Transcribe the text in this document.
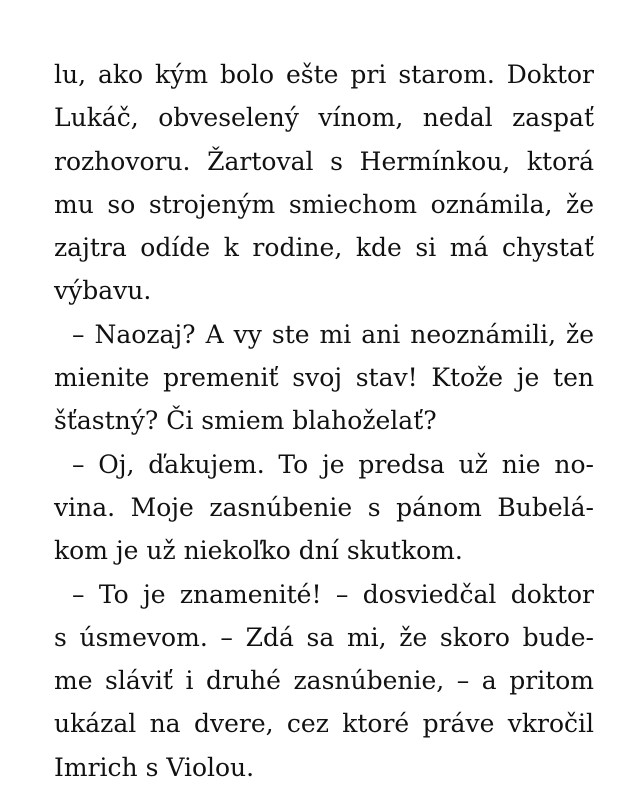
lu, ako kým bolo ešte pri starom. Doktor
Lukáč, obveselený vínom, nedal zaspať
rozhovoru. Žartoval s Hermínkou, ktorá
mu so strojeným smiechom oznámila, že
zajtra odíde k rodine, kde si má chystať
výbavu.
– Naozaj? A vy ste mi ani neoznámili, že
mienite premeniť svoj stav! Ktože je ten
šťastný? Či smiem blahoželať?
– Oj, ďakujem. To je predsa už nie no-
vina. Moje zasnúbenie s pánom Bubelá-
kom je už niekoľko dní skutkom.
– To je znamenité! – dosviedčal doktor
s úsmevom. – Zdá sa mi, že skoro bude-
me sláviť i druhé zasnúbenie, – a pritom
ukázal na dvere, cez ktoré práve vkročil
Imrich s Violou.
